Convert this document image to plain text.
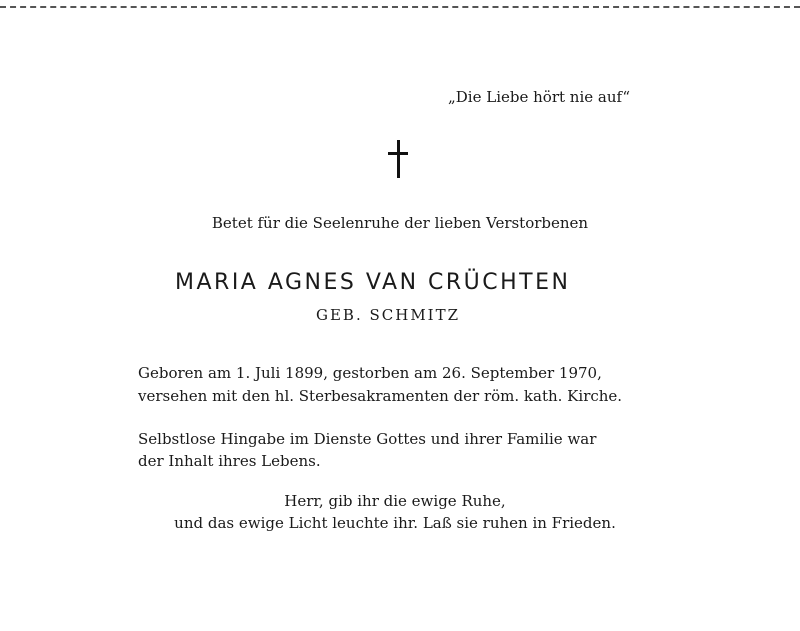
„Die Liebe hört nie auf“
Betet für die Seelenruhe der lieben Verstorbenen
MARIA AGNES VAN CRÜCHTEN
GEB. SCHMITZ
Geboren am 1. Juli 1899, gestorben am 26. September 1970,
versehen mit den hl. Sterbesakramenten der röm. kath. Kirche.
Selbstlose Hingabe im Dienste Gottes und ihrer Familie war
der Inhalt ihres Lebens.
Herr, gib ihr die ewige Ruhe,
und das ewige Licht leuchte ihr. Laß sie ruhen in Frieden.
